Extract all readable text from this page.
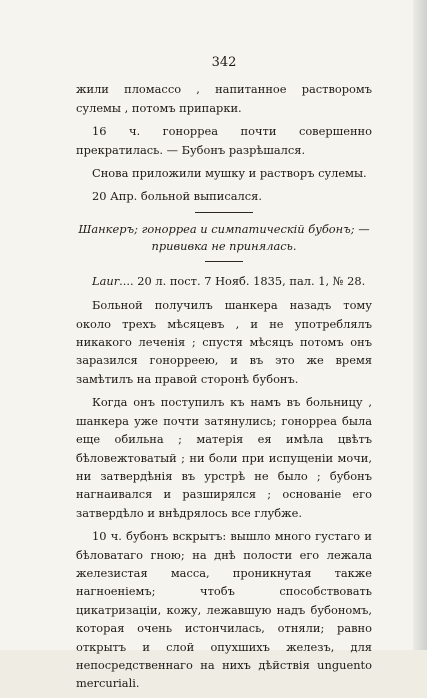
342

жили пломассо , напитанное растворомъ сулемы , потомъ припарки.

16 ч. гонорреа почти совершенно прекратилась. — Бубонъ разрѣшался.

Снова приложили мушку и растворъ сулемы.

20 Апр. больной выписался.

Шанкеръ; гонорреа и симпатическій бубонъ; — прививка не принялась.

Laur.... 20 л. пост. 7 Нояб. 1835, пал. 1, № 28.

Больной получилъ шанкера назадъ тому около трехъ мѣсяцевъ , и не употреблялъ никакого леченія ; спустя мѣсяцъ потомъ онъ заразился гонорреею, и въ это же время замѣтилъ на правой сторонѣ бубонъ.

Когда онъ поступилъ къ намъ въ больницу , шанкера уже почти затянулись; гонорреа была еще обильна ; матерія ея имѣла цвѣтъ бѣловежтоватый ; ни боли при испущеніи мочи, ни затвердѣнія въ урстрѣ не было ; бубонъ нагнаивался и разширялся ; основаніе его затвердѣло и внѣдрялось все глубже.

10 ч. бубонъ вскрытъ: вышло много густаго и бѣловатаго гною; на днѣ полости его лежала железистая масса, проникнутая также нагноеніемъ; чтобъ способствовать цикатризаціи, кожу, лежавшую надъ бубономъ, которая очень истончилась, отняли; равно открытъ и слой опухшихъ железъ, для непосредственнаго на нихъ дѣйствія unguento mercuriali.
